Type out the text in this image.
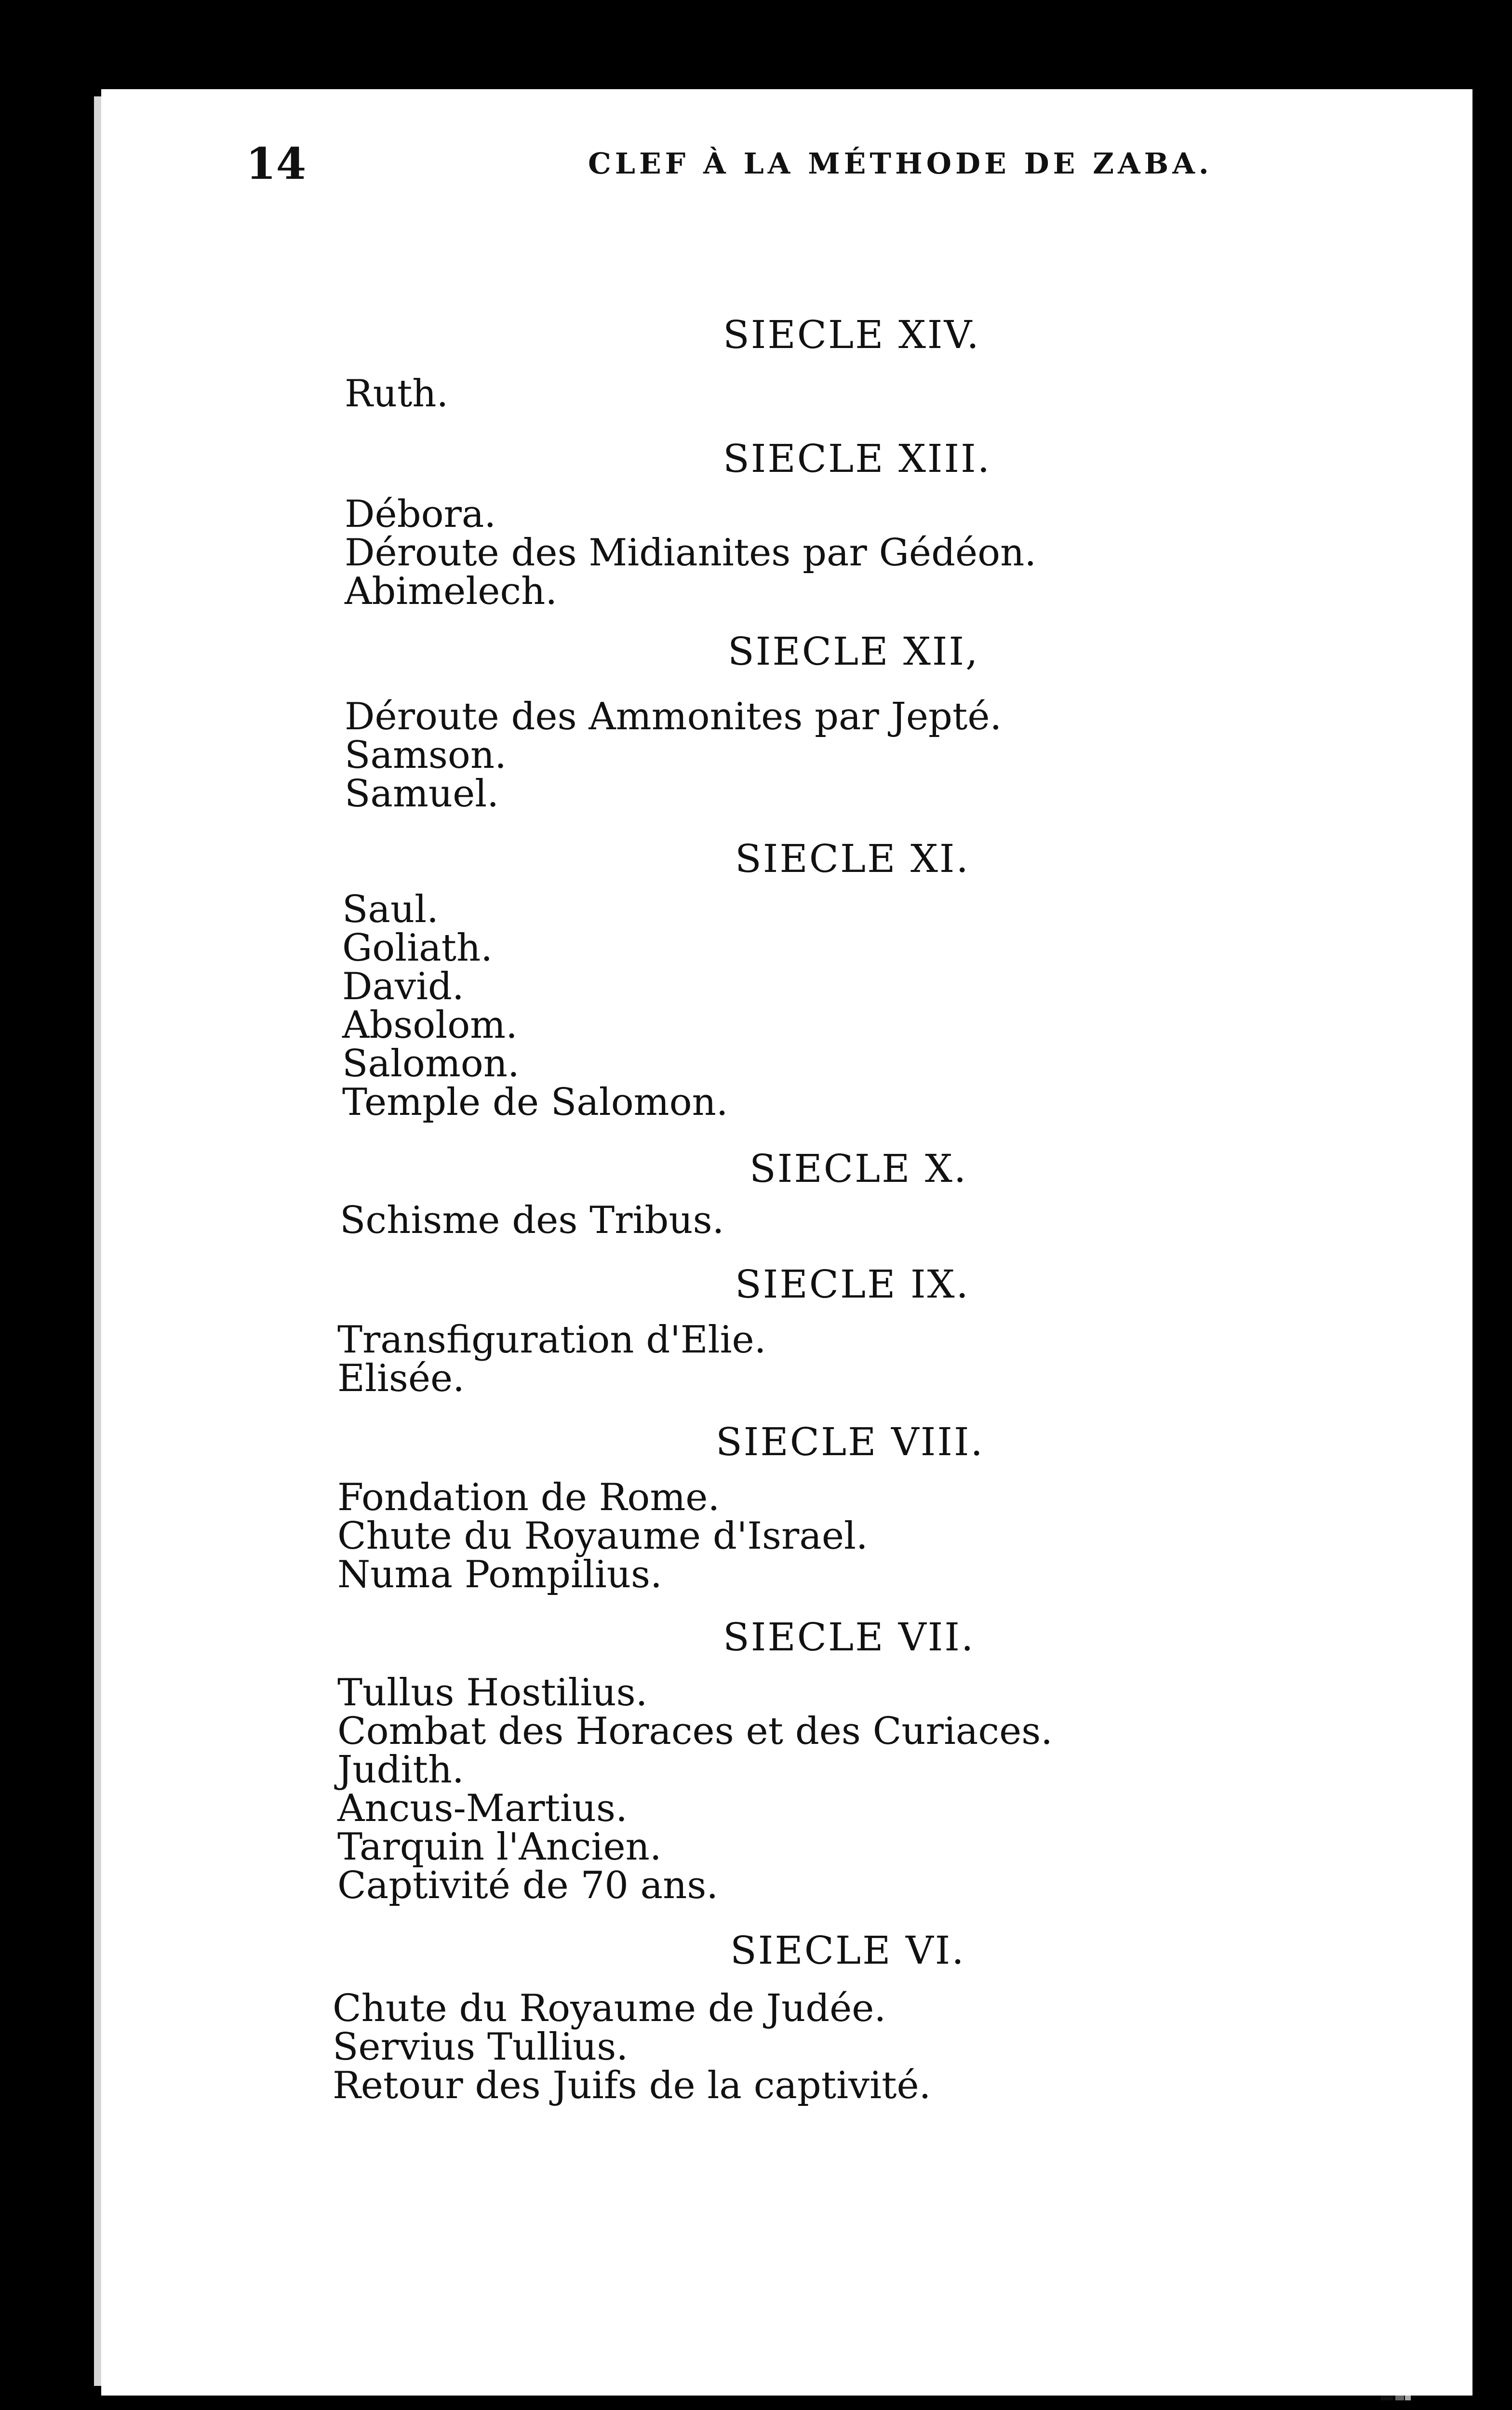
14	CLEF À LA MÉTHODE DE ZABA.
SIECLE XIV.
Ruth.
SIECLE XIII.
Débora.
Déroute des Midianites par Gédéon.
Abimelech.
SIECLE XII,
Déroute des Ammonites par Jepté.
Samson.
Samuel.
SIECLE XI.
Saul.
Goliath.
David.
Absolom.
Salomon.
Temple de Salomon.
SIECLE X.
Schisme des Tribus.
SIECLE IX.
Transfiguration d'Elie.
Elisée.
SIECLE VIII.
Fondation de Rome.
Chute du Royaume d'Israel.
Numa Pompilius.
SIECLE VII.
Tullus Hostilius.
Combat des Horaces et des Curiaces.
Judith.
Ancus-Martius.
Tarquin l'Ancien.
Captivité de 70 ans.
SIECLE VI.
Chute du Royaume de Judée.
Servius Tullius.
Retour des Juifs de la captivité.
